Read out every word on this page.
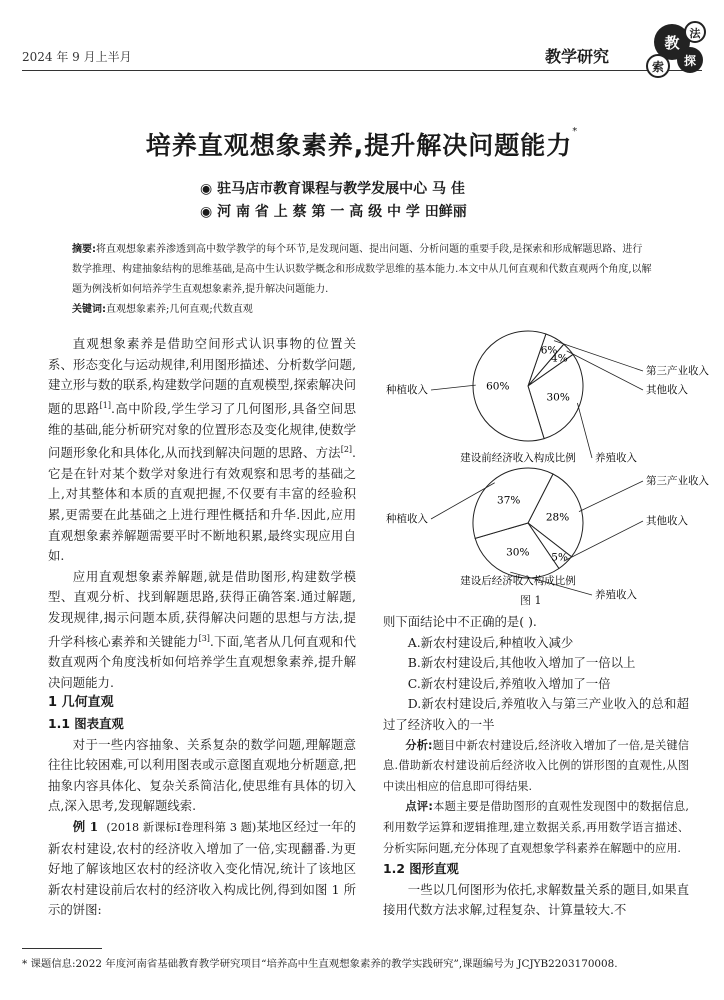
2024 年 9 月上半月	教学研究
教
法
探
索
培养直观想象素养,提升解决问题能力*
◉ 驻马店市教育课程与教学发展中心 马 佳
◉ 河 南 省 上 蔡 第 一 高 级 中 学 田鲜丽
摘要:将直观想象素养渗透到高中数学教学的每个环节,是发现问题、提出问题、分析问题的重要手段,是探索和形成解题思路、进行数学推理、构建抽象结构的思维基础,是高中生认识数学概念和形成数学思维的基本能力.本文中从几何直观和代数直观两个角度,以解题为例浅析如何培养学生直观想象素养,提升解决问题能力.
关键词:直观想象素养;几何直观;代数直观

直观想象素养是借助空间形式认识事物的位置关系、形态变化与运动规律,利用图形描述、分析数学问题,建立形与数的联系,构建数学问题的直观模型,探索解决问题的思路[1].高中阶段,学生学习了几何图形,具备空间思维的基础,能分析研究对象的位置形态及变化规律,使数学问题形象化和具体化,从而找到解决问题的思路、方法[2].它是在针对某个数学对象进行有效观察和思考的基础之上,对其整体和本质的直观把握,不仅要有丰富的经验积累,更需要在此基础之上进行理性概括和升华.因此,应用直观想象素养解题需要平时不断地积累,最终实现应用自如.

应用直观想象素养解题,就是借助图形,构建数学模型、直观分析、找到解题思路,获得正确答案.通过解题,发现规律,揭示问题本质,获得解决问题的思想与方法,提升学科核心素养和关键能力[3].下面,笔者从几何直观和代数直观两个角度浅析如何培养学生直观想象素养,提升解决问题能力.

1 几何直观

1.1 图表直观

对于一些内容抽象、关系复杂的数学问题,理解题意往往比较困难,可以利用图表或示意图直观地分析题意,把抽象内容具体化、复杂关系简洁化,使思维有具体的切入点,深入思考,发现解题线索.

例 1 (2018 新课标Ⅰ卷理科第 3 题)某地区经过一年的新农村建设,农村的经济收入增加了一倍,实现翻番.为更好地了解该地区农村的经济收入变化情况,统计了该地区新农村建设前后农村的经济收入构成比例,得到如图 1 所示的饼图:

60%
种植收入
6%
第三产业收入
4%
其他收入
30%
养殖收入
建设前经济收入构成比例
37%
种植收入	28%
第三产业收入
5%
其他收入
30%
养殖收入
建设后经济收入构成比例
图 1

则下面结论中不正确的是( ).

A.新农村建设后,种植收入减少

B.新农村建设后,其他收入增加了一倍以上

C.新农村建设后,养殖收入增加了一倍

D.新农村建设后,养殖收入与第三产业收入的总和超过了经济收入的一半

分析:题目中新农村建设后,经济收入增加了一倍,是关键信息.借助新农村建设前后经济收入比例的饼形图的直观性,从图中读出相应的信息即可得结果.

点评:本题主要是借助图形的直观性发现图中的数据信息,利用数学运算和逻辑推理,建立数据关系,再用数学语言描述、分析实际问题,充分体现了直观想象学科素养在解题中的应用.

1.2 图形直观

一些以几何图形为依托,求解数量关系的题目,如果直接用代数方法求解,过程复杂、计算量较大.不

* 课题信息:2022 年度河南省基础教育教学研究项目“培养高中生直观想象素养的教学实践研究”,课题编号为 JCJYB2203170008.
